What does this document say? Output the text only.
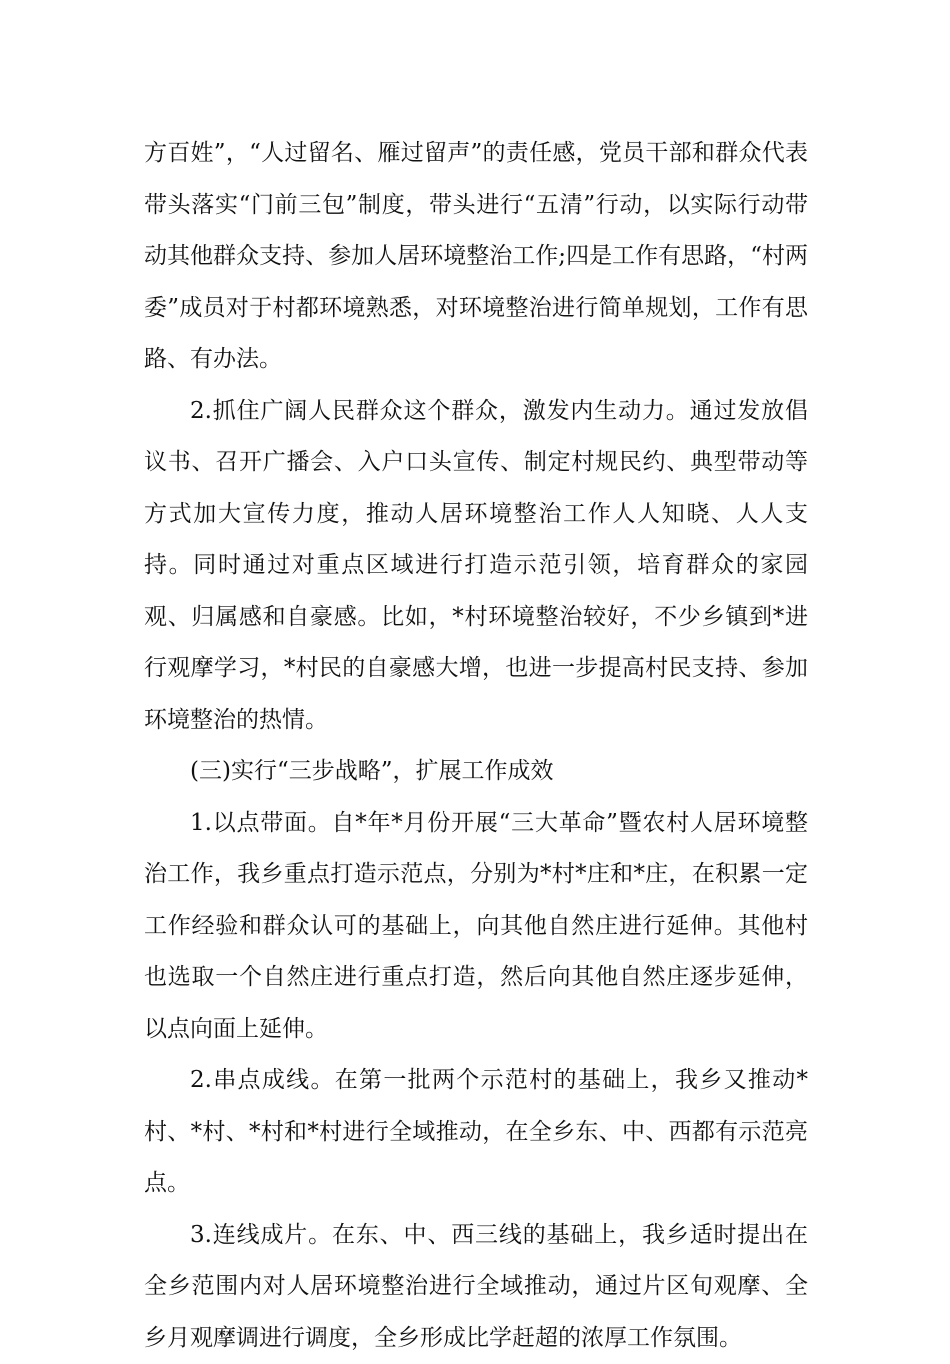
方百姓”，“人过留名、雁过留声”的责任感，党员干部和群众代表带头落实“门前三包”制度，带头进行“五清”行动，以实际行动带动其他群众支持、参加人居环境整治工作;四是工作有思路，“村两委”成员对于村都环境熟悉，对环境整治进行简单规划，工作有思路、有办法。

2.抓住广阔人民群众这个群众，激发内生动力。通过发放倡议书、召开广播会、入户口头宣传、制定村规民约、典型带动等方式加大宣传力度，推动人居环境整治工作人人知晓、人人支持。同时通过对重点区域进行打造示范引领，培育群众的家园观、归属感和自豪感。比如，*村环境整治较好，不少乡镇到*进行观摩学习，*村民的自豪感大增，也进一步提高村民支持、参加环境整治的热情。

(三)实行“三步战略”，扩展工作成效

1.以点带面。自*年*月份开展“三大革命”暨农村人居环境整治工作，我乡重点打造示范点，分别为*村*庄和*庄，在积累一定工作经验和群众认可的基础上，向其他自然庄进行延伸。其他村也选取一个自然庄进行重点打造，然后向其他自然庄逐步延伸，以点向面上延伸。

2.串点成线。在第一批两个示范村的基础上，我乡又推动*村、*村、*村和*村进行全域推动，在全乡东、中、西都有示范亮点。

3.连线成片。在东、中、西三线的基础上，我乡适时提出在全乡范围内对人居环境整治进行全域推动，通过片区旬观摩、全乡月观摩调进行调度，全乡形成比学赶超的浓厚工作氛围。
